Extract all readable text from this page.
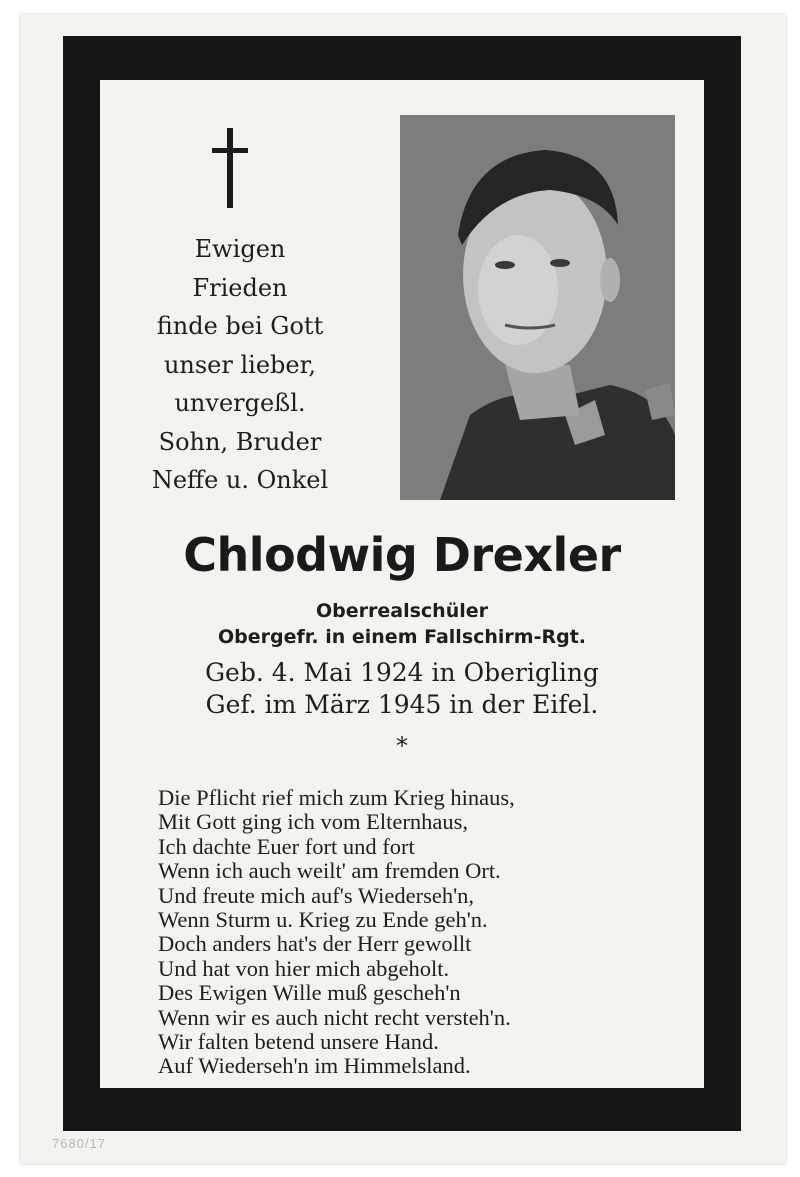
Ewigen
Frieden
finde bei Gott
unser lieber,
unvergeßl.
Sohn, Bruder
Neffe u. Onkel
Chlodwig Drexler
Oberrealschüler
Obergefr. in einem Fallschirm-Rgt.
Geb. 4. Mai 1924 in Oberigling
Gef. im März 1945 in der Eifel.
*
Die Pflicht rief mich zum Krieg hinaus,
Mit Gott ging ich vom Elternhaus,
Ich dachte Euer fort und fort
Wenn ich auch weilt' am fremden Ort.
Und freute mich auf's Wiederseh'n,
Wenn Sturm u. Krieg zu Ende geh'n.
Doch anders hat's der Herr gewollt
Und hat von hier mich abgeholt.
Des Ewigen Wille muß gescheh'n
Wenn wir es auch nicht recht versteh'n.
Wir falten betend unsere Hand.
Auf Wiederseh'n im Himmelsland.
7680/17
